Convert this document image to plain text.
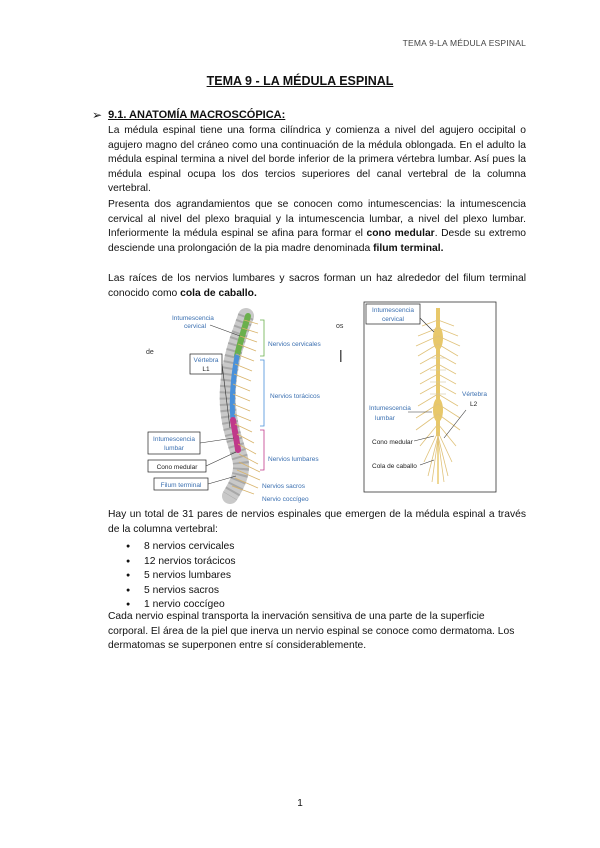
TEMA 9-LA MÉDULA ESPINAL
TEMA 9 - LA MÉDULA ESPINAL
➢ 9.1. ANATOMÍA MACROSCÓPICA:
La médula espinal tiene una forma cilíndrica y comienza a nivel del agujero occipital o agujero magno del cráneo como una continuación de la médula oblongada. En el adulto la médula espinal termina a nivel del borde inferior de la primera vértebra lumbar. Así pues la médula espinal ocupa los dos tercios superiores del canal vertebral de la columna vertebral.
Presenta dos agrandamientos que se conocen como intumescencias: la intumescencia cervical al nivel del plexo braquial y la intumescencia lumbar, a nivel del plexo lumbar. Inferiormente la médula espinal se afina para formar el cono medular. Desde su extremo desciende una prolongación de la pia madre denominada filum terminal.
Las raíces de los nervios lumbares y sacros forman un haz alrededor del filum terminal conocido como cola de caballo.
de
os
Nervios cervicales
Nervios torácicos
Nervios lumbares
Nervios sacros
Nervio coccígeo
Intumescencia
cervical
Vértebra
L1
Intumescencia
lumbar
Cono medular
Filum terminal
Intumescencia
cervical
Intumescencia
lumbar
Cono medular
Cola de caballo
Vértebra
L2
Hay un total de 31 pares de nervios espinales que emergen de la médula espinal a través de la columna vertebral:
● 8 nervios cervicales
● 12 nervios torácicos
● 5 nervios lumbares
● 5 nervios sacros
● 1 nervio coccígeo
Cada nervio espinal transporta la inervación sensitiva de una parte de la superficie corporal. El área de la piel que inerva un nervio espinal se conoce como dermatoma. Los dermatomas se superponen entre sí considerablemente.
1
